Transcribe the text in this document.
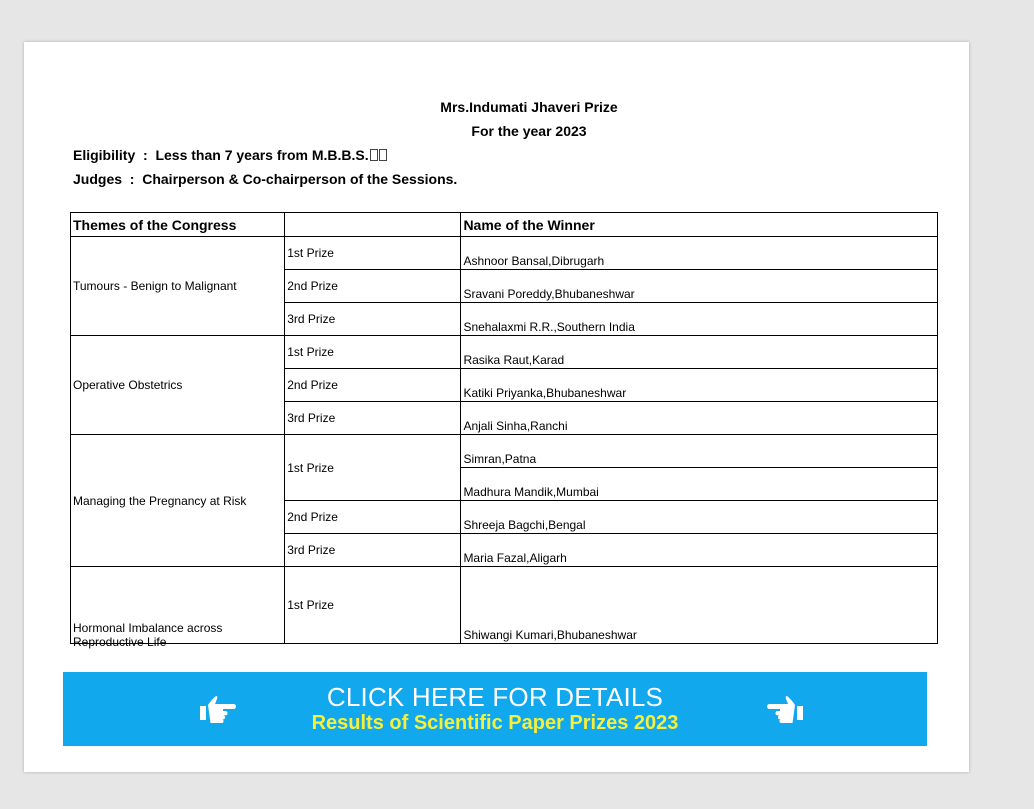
Mrs.Indumati Jhaveri Prize
For the year 2023
Eligibility  :  Less than 7 years from M.B.B.S.
Judges  :  Chairperson & Co-chairperson of the Sessions.
Themes of the Congress		Name of the Winner
Tumours - Benign to Malignant	1st Prize	Ashnoor Bansal,Dibrugarh
	2nd Prize	Sravani Poreddy,Bhubaneshwar
	3rd Prize	Snehalaxmi R.R.,Southern India
Operative Obstetrics	1st Prize	Rasika Raut,Karad
	2nd Prize	Katiki Priyanka,Bhubaneshwar
	3rd Prize	Anjali Sinha,Ranchi
Managing the Pregnancy at Risk	1st Prize	Simran,Patna
		Madhura Mandik,Mumbai
	2nd Prize	Shreeja Bagchi,Bengal
	3rd Prize	Maria Fazal,Aligarh

Hormonal Imbalance across Reproductive Life	1st Prize	Shiwangi Kumari,Bhubaneshwar
CLICK HERE FOR DETAILS
Results of Scientific Paper Prizes 2023
